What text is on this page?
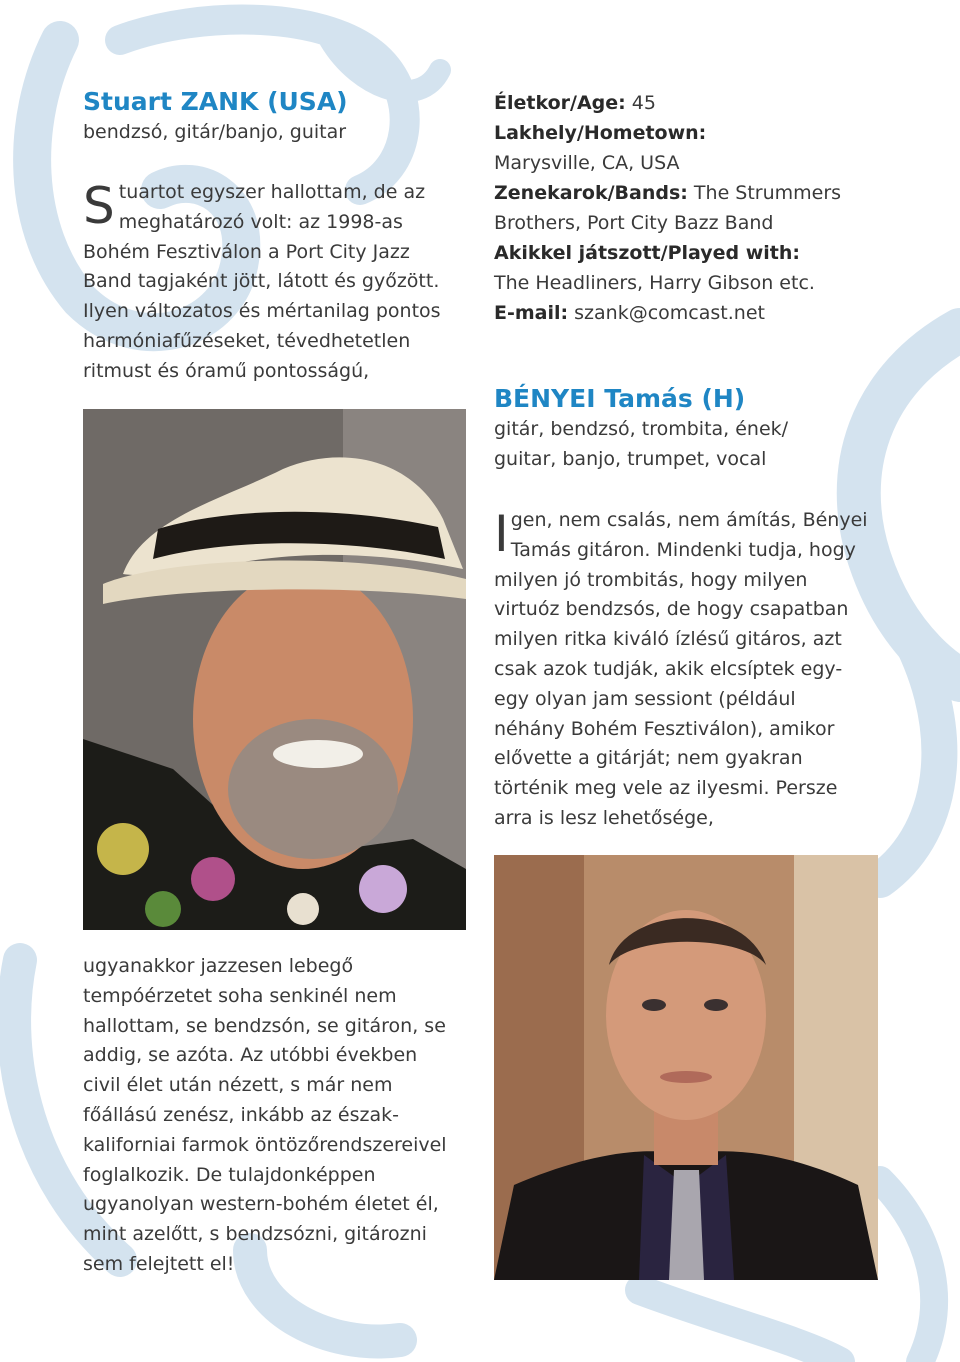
Stuart ZANK (USA)

bendzsó, gitár/banjo, guitar

Stuartot egyszer hallottam, de az meghatározó volt: az 1998-as Bohém Fesztiválon a Port City Jazz Band tagjaként jött, látott és győzött. Ilyen változatos és mértanilag pontos harmóniafűzéseket, tévedhetetlen ritmust és óramű pontosságú,

ugyanakkor jazzesen lebegő tempóérzetet soha senkinél nem hallottam, se bendzsón, se gitáron, se addig, se azóta. Az utóbbi években civil élet után nézett, s már nem főállású zenész, inkább az észak-kaliforniai farmok öntözőrendszereivel foglalkozik. De tulajdonképpen ugyanolyan western-bohém életet él, mint azelőtt, s bendzsózni, gitározni sem felejtett el!

Életkor/Age: 45
Lakhely/Hometown:
Marysville, CA, USA
Zenekarok/Bands: The Strummers Brothers, Port City Bazz Band
Akikkel játszott/Played with:
The Headliners, Harry Gibson etc.
E-mail: szank@comcast.net

BÉNYEI Tamás (H)

gitár, bendzsó, trombita, ének/

guitar, banjo, trumpet, vocal

Igen, nem csalás, nem ámítás, Bényei Tamás gitáron. Mindenki tudja, hogy milyen jó trombitás, hogy milyen virtuóz bendzsós, de hogy csapatban milyen ritka kiváló ízlésű gitáros, azt csak azok tudják, akik elcsíptek egy-egy olyan jam sessiont (például néhány Bohém Fesztiválon), amikor elővette a gitárját; nem gyakran történik meg vele az ilyesmi. Persze arra is lesz lehetősége,
